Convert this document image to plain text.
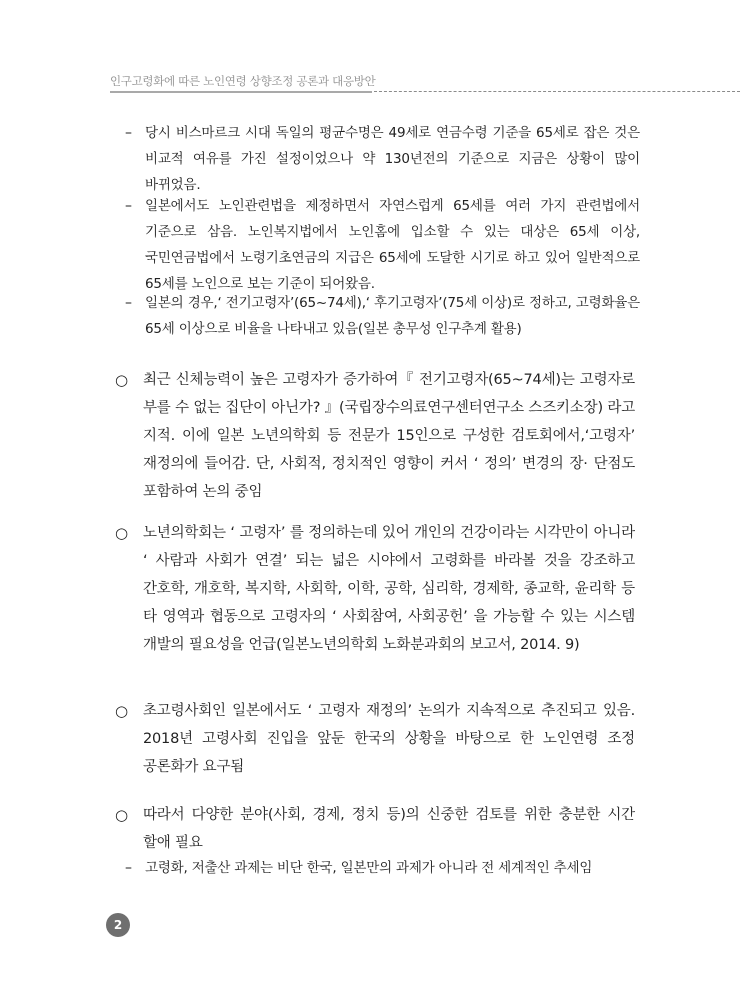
인구고령화에 따른 노인연령 상향조정 공론과 대응방안
– 당시 비스마르크 시대 독일의 평균수명은 49세로 연금수령 기준을 65세로 잡은 것은 비교적 여유를 가진 설정이었으나 약 130년전의 기준으로 지금은 상황이 많이 바뀌었음.
– 일본에서도 노인관련법을 제정하면서 자연스럽게 65세를 여러 가지 관련법에서 기준으로 삼음. 노인복지법에서 노인홈에 입소할 수 있는 대상은 65세 이상, 국민연금법에서 노령기초연금의 지급은 65세에 도달한 시기로 하고 있어 일반적으로 65세를 노인으로 보는 기준이 되어왔음.
– 일본의 경우,‘ 전기고령자’(65~74세),‘ 후기고령자’(75세 이상)로 정하고, 고령화율은 65세 이상으로 비율을 나타내고 있음(일본 총무성 인구추계 활용)
○	최근 신체능력이 높은 고령자가 증가하여『 전기고령자(65~74세)는 고령자로 부를 수 없는 집단이 아닌가? 』(국립장수의료연구센터연구소 스즈키소장) 라고 지적. 이에 일본 노년의학회 등 전문가 15인으로 구성한 검토회에서,‘고령자’ 재정의에 들어감. 단, 사회적, 정치적인 영향이 커서 ‘ 정의’ 변경의 장· 단점도 포함하여 논의 중임
○	노년의학회는 ‘ 고령자’ 를 정의하는데 있어 개인의 건강이라는 시각만이 아니라 ‘ 사람과 사회가 연결’ 되는 넓은 시야에서 고령화를 바라볼 것을 강조하고 간호학, 개호학, 복지학, 사회학, 이학, 공학, 심리학, 경제학, 종교학, 윤리학 등 타 영역과 협동으로 고령자의 ‘ 사회참여, 사회공헌’ 을 가능할 수 있는 시스템 개발의 필요성을 언급(일본노년의학회 노화분과회의 보고서, 2014. 9)
○	초고령사회인 일본에서도 ‘ 고령자 재정의’ 논의가 지속적으로 추진되고 있음. 2018년 고령사회 진입을 앞둔 한국의 상황을 바탕으로 한 노인연령 조정 공론화가 요구됨
○	따라서 다양한 분야(사회, 경제, 정치 등)의 신중한 검토를 위한 충분한 시간 할애 필요
– 고령화, 저출산 과제는 비단 한국, 일본만의 과제가 아니라 전 세계적인 추세임
2
